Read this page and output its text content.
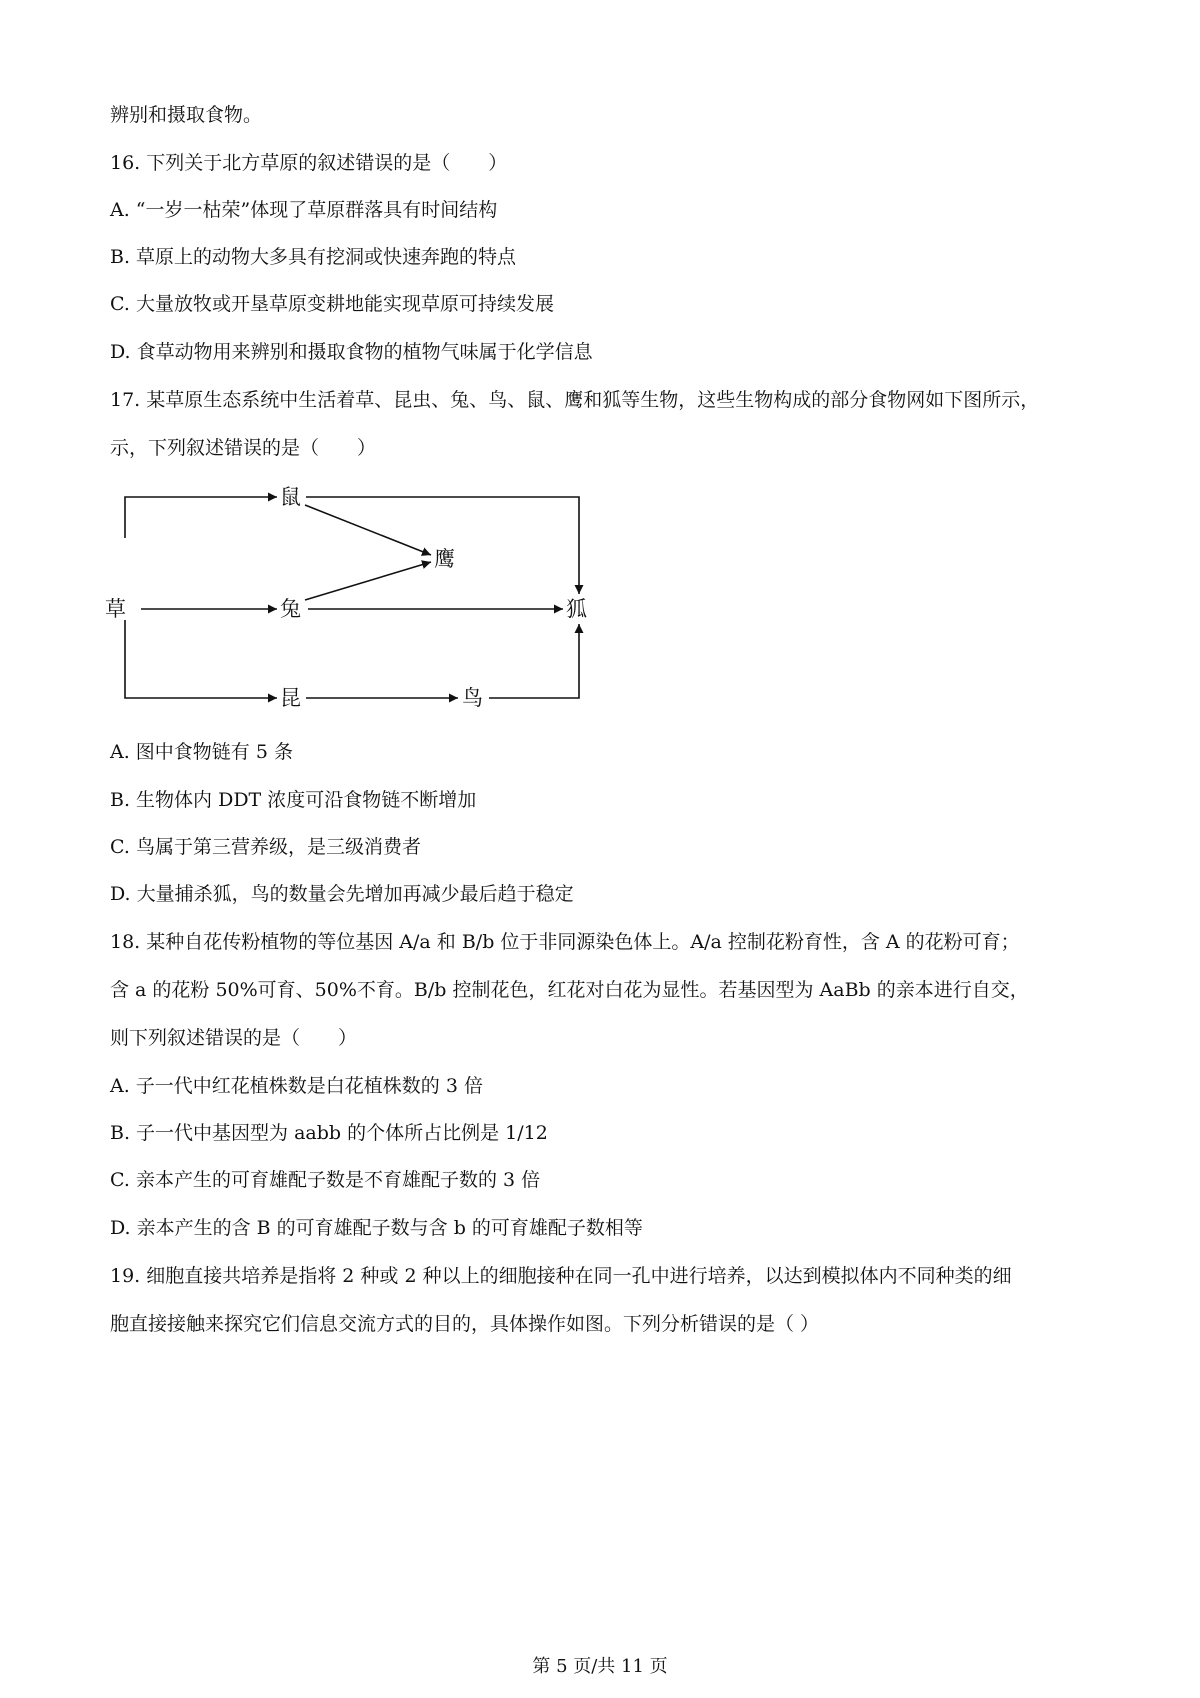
辨别和摄取食物。
16. 下列关于北方草原的叙述错误的是（　　）
A. “一岁一枯荣”体现了草原群落具有时间结构
B. 草原上的动物大多具有挖洞或快速奔跑的特点
C. 大量放牧或开垦草原变耕地能实现草原可持续发展
D. 食草动物用来辨别和摄取食物的植物气味属于化学信息
17. 某草原生态系统中生活着草、昆虫、兔、鸟、鼠、鹰和狐等生物，这些生物构成的部分食物网如下图所示，
示，下列叙述错误的是（　　）
草
鼠
兔
昆
鹰
狐
鸟
A. 图中食物链有 5 条
B. 生物体内 DDT 浓度可沿食物链不断增加
C. 鸟属于第三营养级，是三级消费者
D. 大量捕杀狐，鸟的数量会先增加再减少最后趋于稳定
18. 某种自花传粉植物的等位基因 A/a 和 B/b 位于非同源染色体上。A/a 控制花粉育性，含 A 的花粉可育；
含 a 的花粉 50%可育、50%不育。B/b 控制花色，红花对白花为显性。若基因型为 AaBb 的亲本进行自交，
则下列叙述错误的是（　　）
A. 子一代中红花植株数是白花植株数的 3 倍
B. 子一代中基因型为 aabb 的个体所占比例是 1/12
C. 亲本产生的可育雄配子数是不育雄配子数的 3 倍
D. 亲本产生的含 B 的可育雄配子数与含 b 的可育雄配子数相等
19. 细胞直接共培养是指将 2 种或 2 种以上的细胞接种在同一孔中进行培养，以达到模拟体内不同种类的细
胞直接接触来探究它们信息交流方式的目的，具体操作如图。下列分析错误的是（ ）
第 5 页/共 11 页
